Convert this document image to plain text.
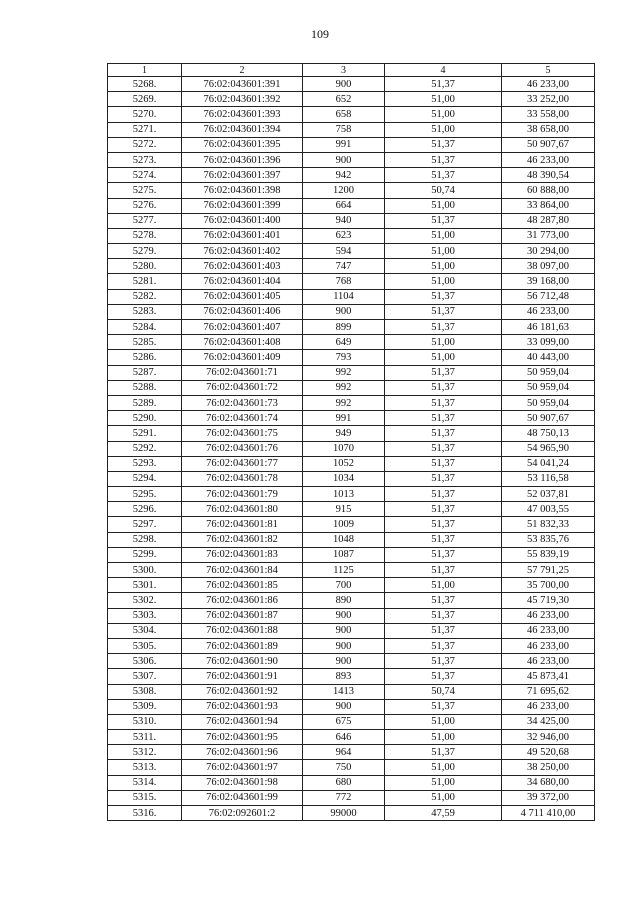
109
1	2	3	4	5
5268.	76:02:043601:391	900	51,37	46 233,00
5269.	76:02:043601:392	652	51,00	33 252,00
5270.	76:02:043601:393	658	51,00	33 558,00
5271.	76:02:043601:394	758	51,00	38 658,00
5272.	76:02:043601:395	991	51,37	50 907,67
5273.	76:02:043601:396	900	51,37	46 233,00
5274.	76:02:043601:397	942	51,37	48 390,54
5275.	76:02:043601:398	1200	50,74	60 888,00
5276.	76:02:043601:399	664	51,00	33 864,00
5277.	76:02:043601:400	940	51,37	48 287,80
5278.	76:02:043601:401	623	51,00	31 773,00
5279.	76:02:043601:402	594	51,00	30 294,00
5280.	76:02:043601:403	747	51,00	38 097,00
5281.	76:02:043601:404	768	51,00	39 168,00
5282.	76:02:043601:405	1104	51,37	56 712,48
5283.	76:02:043601:406	900	51,37	46 233,00
5284.	76:02:043601:407	899	51,37	46 181,63
5285.	76:02:043601:408	649	51,00	33 099,00
5286.	76:02:043601:409	793	51,00	40 443,00
5287.	76:02:043601:71	992	51,37	50 959,04
5288.	76:02:043601:72	992	51,37	50 959,04
5289.	76:02:043601:73	992	51,37	50 959,04
5290.	76:02:043601:74	991	51,37	50 907,67
5291.	76:02:043601:75	949	51,37	48 750,13
5292.	76:02:043601:76	1070	51,37	54 965,90
5293.	76:02:043601:77	1052	51,37	54 041,24
5294.	76:02:043601:78	1034	51,37	53 116,58
5295.	76:02:043601:79	1013	51,37	52 037,81
5296.	76:02:043601:80	915	51,37	47 003,55
5297.	76:02:043601:81	1009	51,37	51 832,33
5298.	76:02:043601:82	1048	51,37	53 835,76
5299.	76:02:043601:83	1087	51,37	55 839,19
5300.	76:02:043601:84	1125	51,37	57 791,25
5301.	76:02:043601:85	700	51,00	35 700,00
5302.	76:02:043601:86	890	51,37	45 719,30
5303.	76:02:043601:87	900	51,37	46 233,00
5304.	76:02:043601:88	900	51,37	46 233,00
5305.	76:02:043601:89	900	51,37	46 233,00
5306.	76:02:043601:90	900	51,37	46 233,00
5307.	76:02:043601:91	893	51,37	45 873,41
5308.	76:02:043601:92	1413	50,74	71 695,62
5309.	76:02:043601:93	900	51,37	46 233,00
5310.	76:02:043601:94	675	51,00	34 425,00
5311.	76:02:043601:95	646	51,00	32 946,00
5312.	76:02:043601:96	964	51,37	49 520,68
5313.	76:02:043601:97	750	51,00	38 250,00
5314.	76:02:043601:98	680	51,00	34 680,00
5315.	76:02:043601:99	772	51,00	39 372,00
5316.	76:02:092601:2	99000	47,59	4 711 410,00
